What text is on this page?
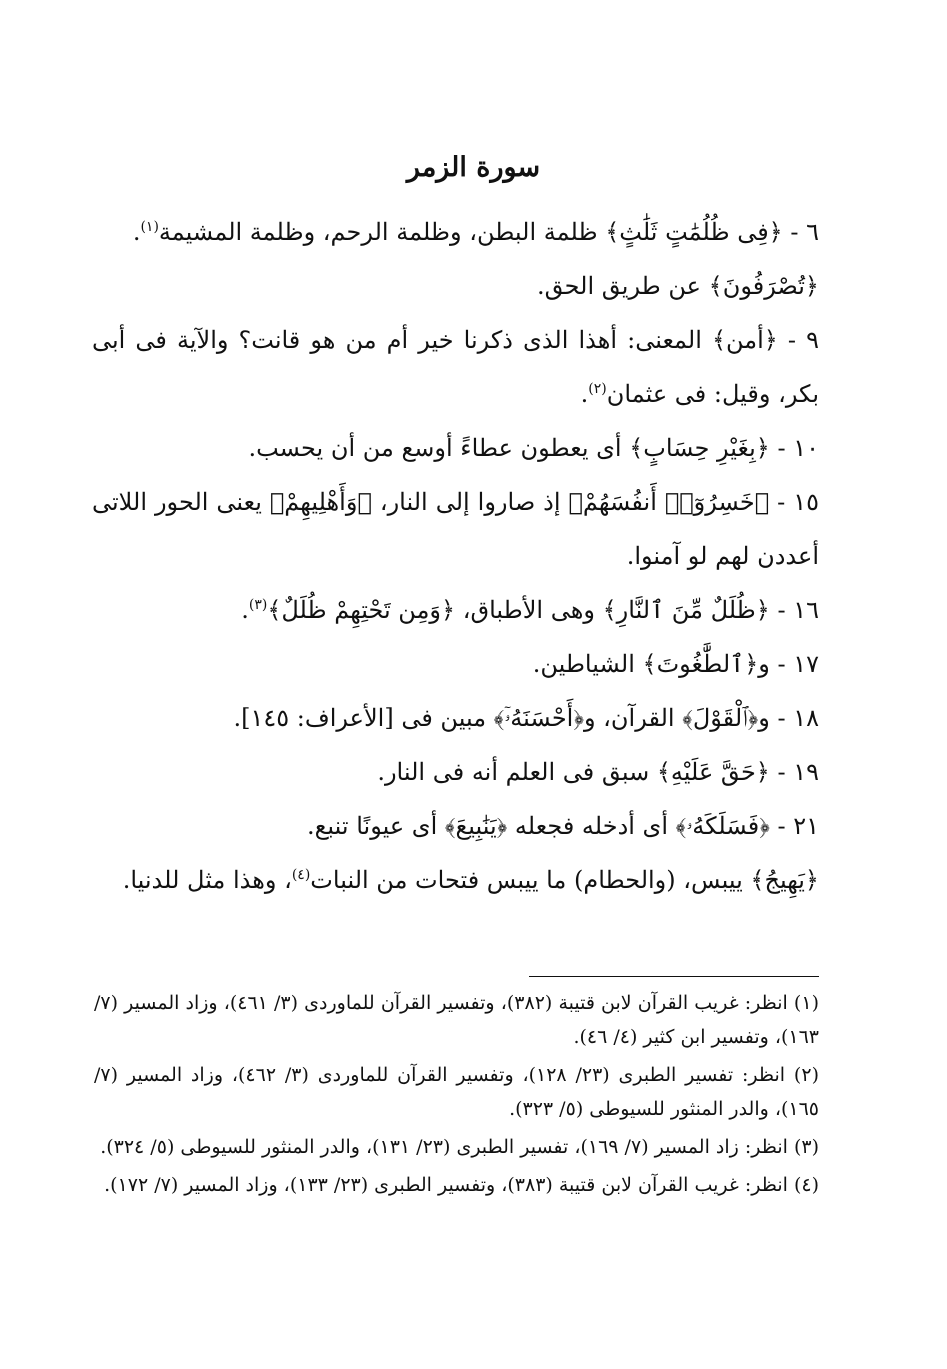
سورة الزمر

٦ - ﴿فِى ظُلُمَٰتٍ ثَلَٰثٍ﴾ ظلمة البطن، وظلمة الرحم، وظلمة المشيمة$^{(١)}$.

﴿تُصْرَفُونَ﴾ عن طريق الحق.

٩ - ﴿أمن﴾ المعنى: أهذا الذى ذكرنا خير أم من هو قانت؟ والآية فى أبى بكر، وقيل: فى عثمان$^{(٢)}$.

١٠ - ﴿بِغَيْرِ حِسَابٍ﴾ أى يعطون عطاءً أوسع من أن يحسب.

١٥ - ﴿خَسِرُوٓا۟ أَنفُسَهُمْ﴾ إذ صاروا إلى النار، ﴿وَأَهْلِيهِمْ﴾ يعنى الحور اللاتى أعددن لهم لو آمنوا.

١٦ - ﴿ظُلَلٌ مِّنَ ٱلنَّارِ﴾ وهى الأطباق، ﴿وَمِن تَحْتِهِمْ ظُلَلٌ﴾$^{(٣)}$.

١٧ - و﴿ٱلطَّٰغُوتَ﴾ الشياطين.

١٨ - و﴿ٱلْقَوْلَ﴾ القرآن، و﴿أَحْسَنَهُۥٓ﴾ مبين فى [الأعراف: ١٤٥].

١٩ - ﴿حَقَّ عَلَيْهِ﴾ سبق فى العلم أنه فى النار.

٢١ - ﴿فَسَلَكَهُۥ﴾ أى أدخله فجعله ﴿يَنَٰبِيعَ﴾ أى عيونًا تنبع.

﴿يَهِيجُ﴾ ييبس، (والحطام) ما ييبس فتحات من النبات$^{(٤)}$، وهذا مثل للدنيا.

(١) انظر: غريب القرآن لابن قتيبة (٣٨٢)، وتفسير القرآن للماوردى (٣/ ٤٦١)، وزاد المسير (٧/ ١٦٣)، وتفسير ابن كثير (٤/ ٤٦).

(٢) انظر: تفسير الطبرى (٢٣/ ١٢٨)، وتفسير القرآن للماوردى (٣/ ٤٦٢)، وزاد المسير (٧/ ١٦٥)، والدر المنثور للسيوطى (٥/ ٣٢٣).

(٣) انظر: زاد المسير (٧/ ١٦٩)، تفسير الطبرى (٢٣/ ١٣١)، والدر المنثور للسيوطى (٥/ ٣٢٤).

(٤) انظر: غريب القرآن لابن قتيبة (٣٨٣)، وتفسير الطبرى (٢٣/ ١٣٣)، وزاد المسير (٧/ ١٧٢).
